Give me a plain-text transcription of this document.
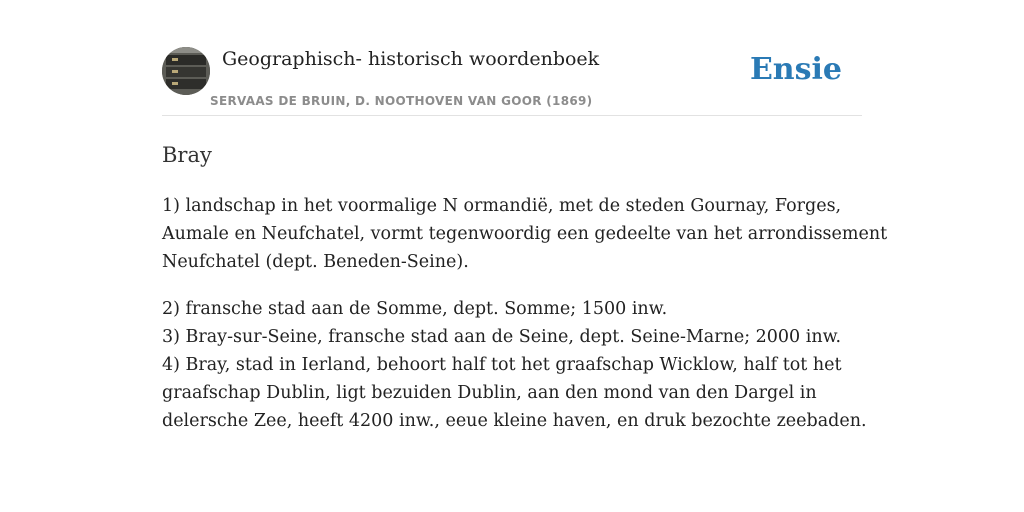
Geographisch- historisch woordenboek
SERVAAS DE BRUIN, D. NOOTHOVEN VAN GOOR (1869)
Ensie
Bray

1) landschap in het voormalige N ormandië, met de steden Gournay, Forges,
Aumale en Neufchatel, vormt tegenwoordig een gedeelte van het arrondissement
Neufchatel (dept. Beneden-Seine).

2) fransche stad aan de Somme, dept. Somme; 1500 inw.
3) Bray-sur-Seine, fransche stad aan de Seine, dept. Seine-Marne; 2000 inw.
4) Bray, stad in Ierland, behoort half tot het graafschap Wicklow, half tot het
graafschap Dublin, ligt bezuiden Dublin, aan den mond van den Dargel in
delersche Zee, heeft 4200 inw., eeue kleine haven, en druk bezochte zeebaden.
